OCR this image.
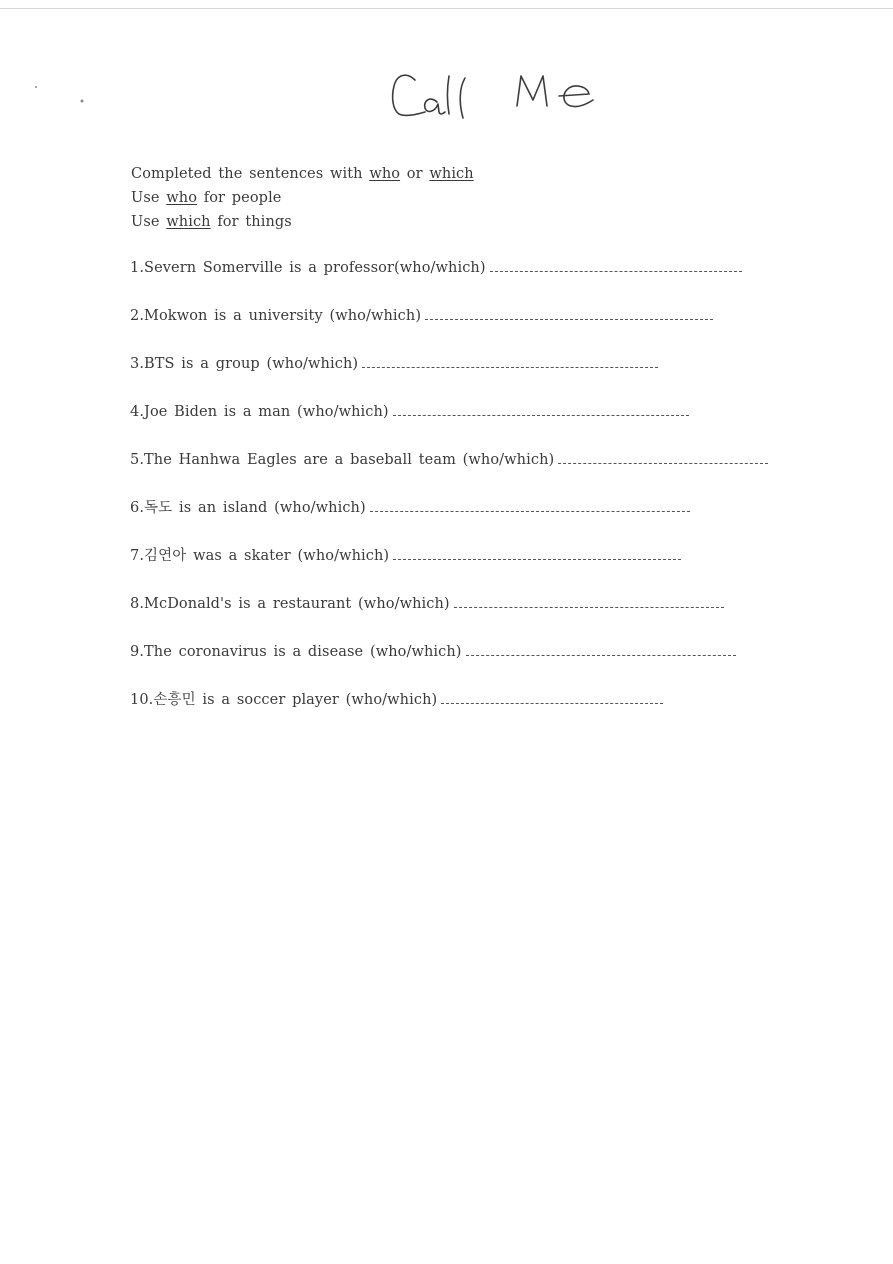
Completed the sentences with who or which
Use who for people
Use which for things
1.Severn Somerville is a professor(who/which)
2.Mokwon is a university (who/which)
3.BTS is a group (who/which)
4.Joe Biden is a man (who/which)
5.The Hanhwa Eagles are a baseball team (who/which)
6.독도 is an island (who/which)
7.김연아 was a skater (who/which)
8.McDonald's is a restaurant (who/which)
9.The coronavirus is a disease (who/which)
10.손흥민 is a soccer player (who/which)
